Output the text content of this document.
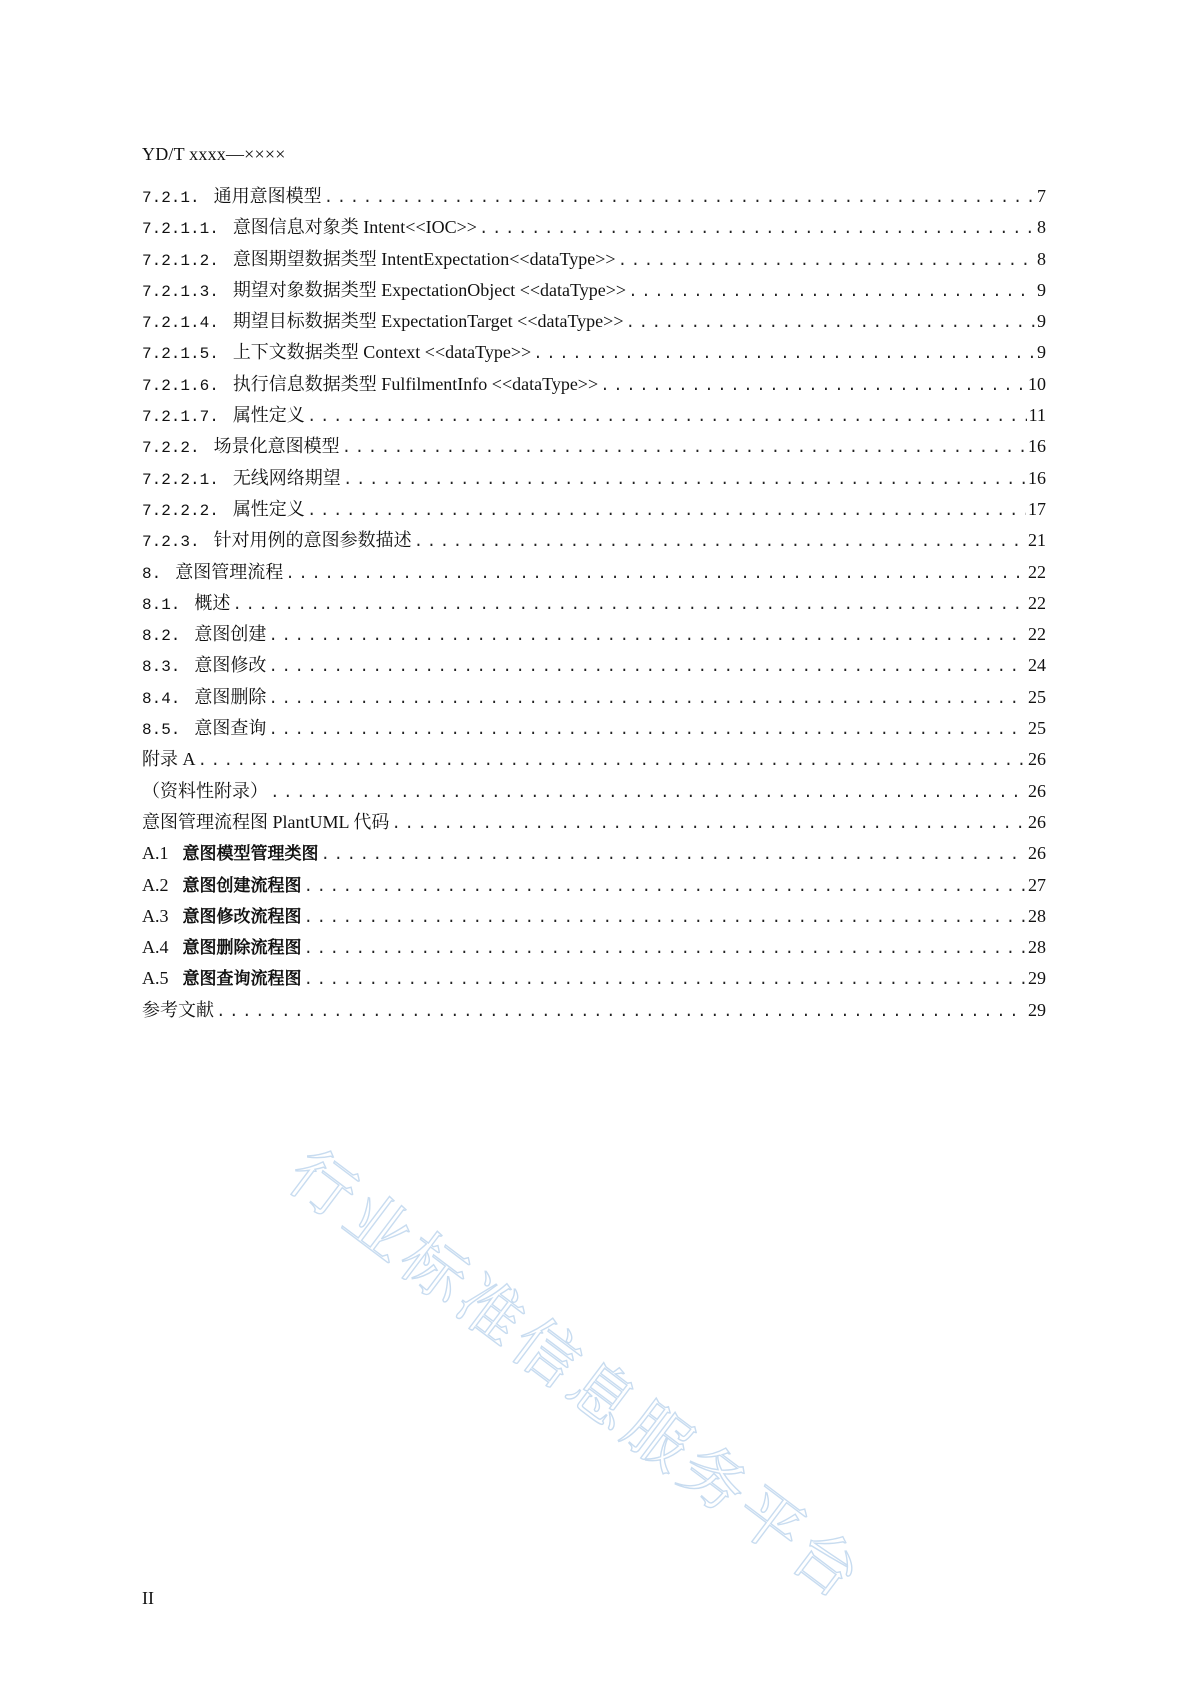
YD/T xxxx—××××
7.2.1. 通用意图模型 .....	7
7.2.1.1. 意图信息对象类 Intent<<IOC>> .....	8
7.2.1.2. 意图期望数据类型 IntentExpectation<<dataType>> .....	8
7.2.1.3. 期望对象数据类型 ExpectationObject <<dataType>> .....	9
7.2.1.4. 期望目标数据类型 ExpectationTarget <<dataType>> .....	9
7.2.1.5. 上下文数据类型 Context <<dataType>> .....	9
7.2.1.6. 执行信息数据类型 FulfilmentInfo <<dataType>> .....	10
7.2.1.7. 属性定义 .....	11
7.2.2. 场景化意图模型 .....	16
7.2.2.1. 无线网络期望 .....	16
7.2.2.2. 属性定义 .....	17
7.2.3. 针对用例的意图参数描述 .....	21
8. 意图管理流程 .....	22
8.1. 概述 .....	22
8.2. 意图创建 .....	22
8.3. 意图修改 .....	24
8.4. 意图删除 .....	25
8.5. 意图查询 .....	25
附录 A .....	26
（资料性附录） .....	26
意图管理流程图 PlantUML 代码 .....	26
A.1 意图模型管理类图 .....	26
A.2 意图创建流程图 .....	27
A.3 意图修改流程图 .....	28
A.4 意图删除流程图 .....	28
A.5 意图查询流程图 .....	29
参考文献 .....	29
行业标准信息服务平台
II
